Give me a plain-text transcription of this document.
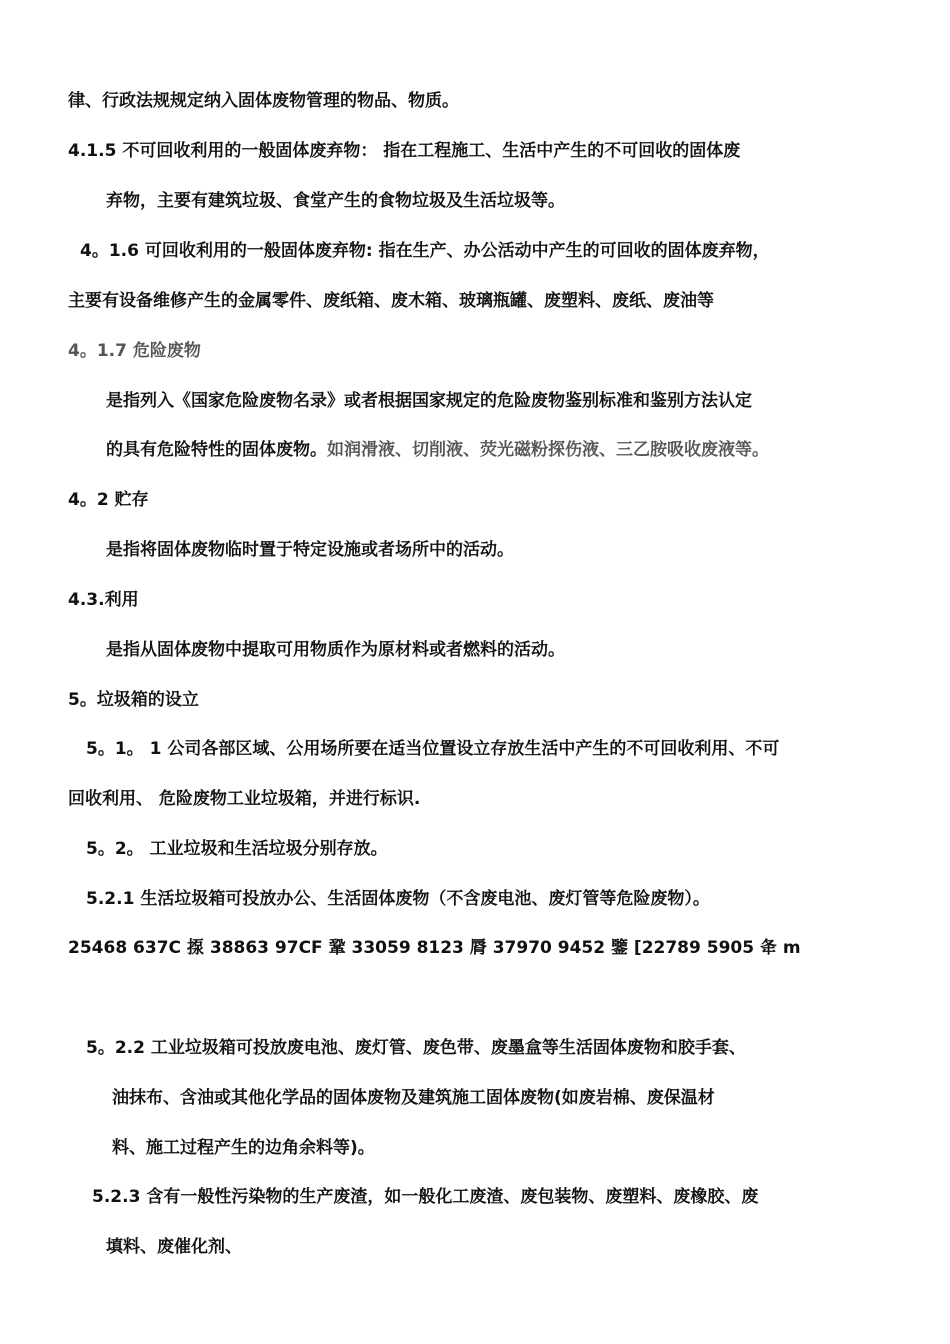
律、行政法规规定纳入固体废物管理的物品、物质。
4.1.5 不可回收利用的一般固体废弃物： 指在工程施工、生活中产生的不可回收的固体废
弃物，主要有建筑垃圾、食堂产生的食物垃圾及生活垃圾等。
4。1.6 可回收利用的一般固体废弃物: 指在生产、办公活动中产生的可回收的固体废弃物，
主要有设备维修产生的金属零件、废纸箱、废木箱、玻璃瓶罐、废塑料、废纸、废油等
4。1.7 危险废物
是指列入《国家危险废物名录》或者根据国家规定的危险废物鉴别标准和鉴别方法认定
的具有危险特性的固体废物。如润滑液、切削液、荧光磁粉探伤液、三乙胺吸收废液等。
4。2 贮存
是指将固体废物临时置于特定设施或者场所中的活动。
4.3.利用
是指从固体废物中提取可用物质作为原材料或者燃料的活动。
5。垃圾箱的设立
5。1。 1 公司各部区域、公用场所要在适当位置设立存放生活中产生的不可回收利用、不可
回收利用、 危险废物工业垃圾箱，并进行标识.
5。2。 工业垃圾和生活垃圾分别存放。
5.2.1 生活垃圾箱可投放办公、生活固体废物（不含废电池、废灯管等危险废物）。
25468 637C 揼 38863 97CF 鞏 33059 8123 脣 37970 9452 鑒 [22789 5905 夅 m
5。2.2 工业垃圾箱可投放废电池、废灯管、废色带、废墨盒等生活固体废物和胶手套、
油抹布、含油或其他化学品的固体废物及建筑施工固体废物(如废岩棉、废保温材
料、施工过程产生的边角余料等)。
5.2.3 含有一般性污染物的生产废渣，如一般化工废渣、废包装物、废塑料、废橡胶、废
填料、废催化剂、
